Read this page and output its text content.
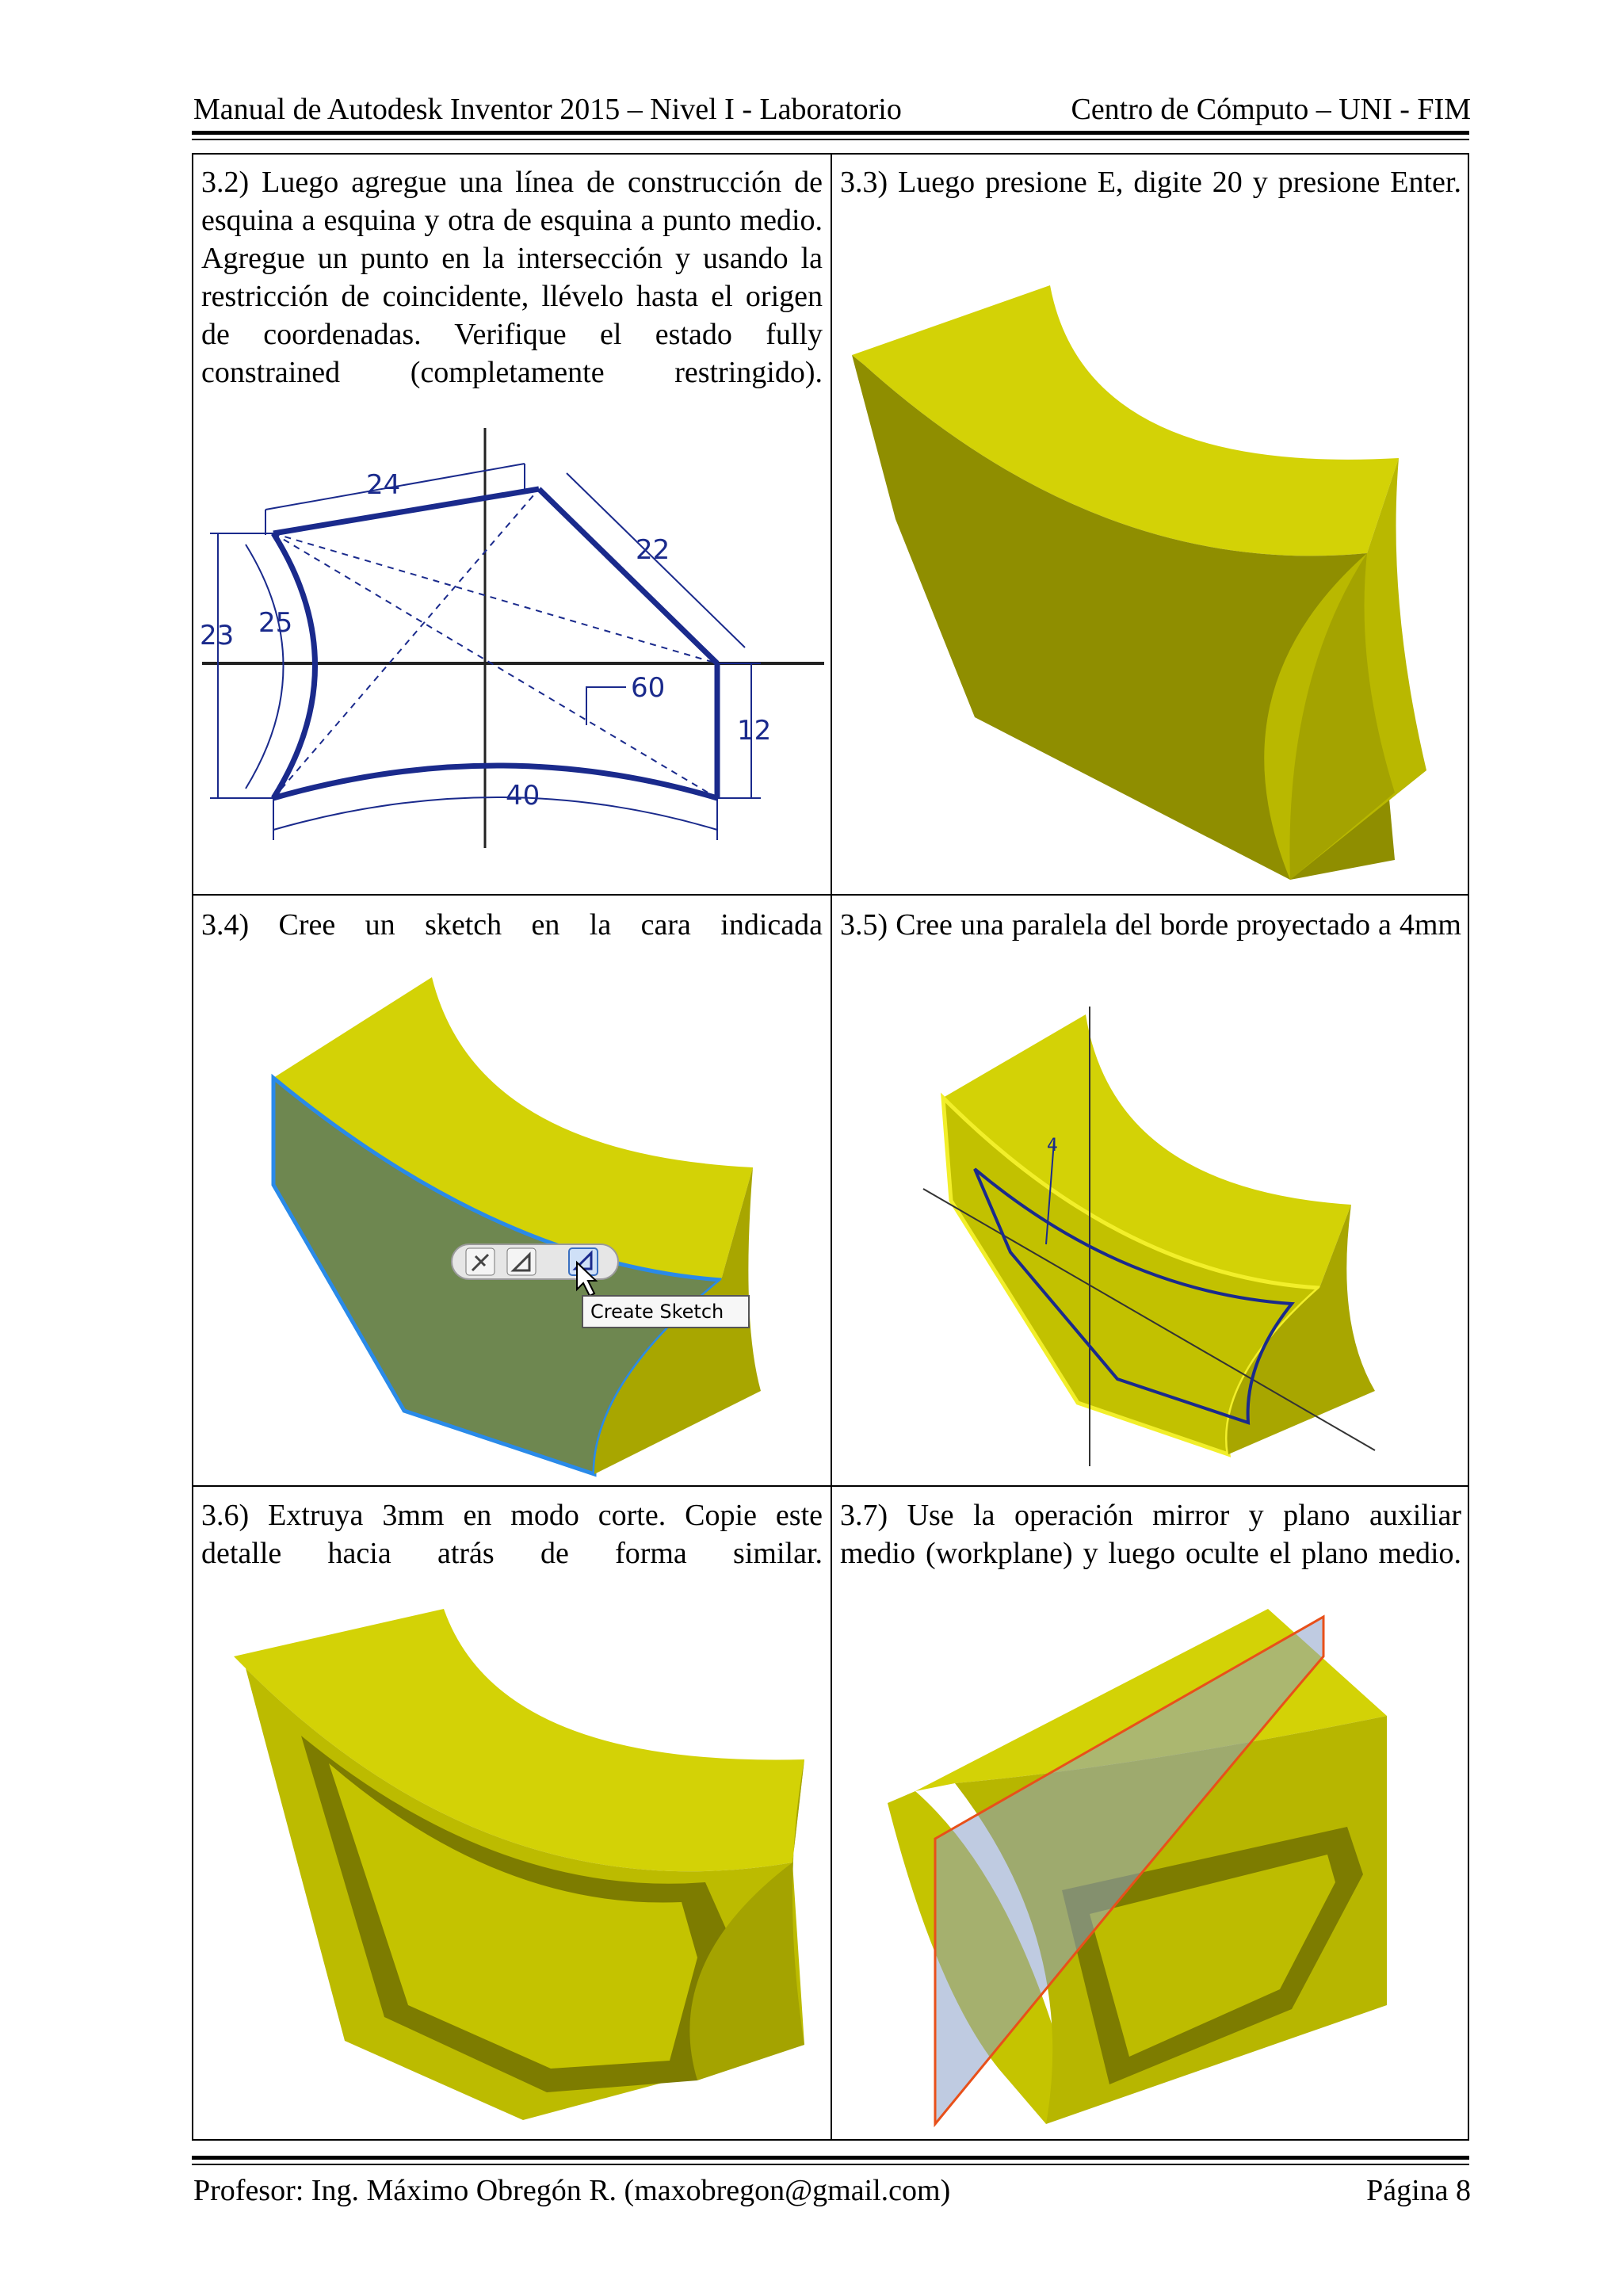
Manual de Autodesk Inventor 2015 – Nivel I - Laboratorio	Centro de Cómputo – UNI - FIM
3.2) Luego agregue una línea de construcción de esquina a esquina y otra de esquina a punto medio. Agregue un punto en la intersección y usando la restricción de coincidente, llévelo hasta el origen de coordenadas. Verifique el estado fully constrained (completamente restringido).
24
22
23 25
60
12
40
3.3) Luego presione E, digite 20 y presione Enter.
3.4) Cree un sketch en la cara indicada
Create Sketch
3.5) Cree una paralela del borde proyectado a 4mm
4
3.6) Extruya 3mm en modo corte. Copie este detalle hacia atrás de forma similar.
3.7) Use la operación mirror y plano auxiliar medio (workplane) y luego oculte el plano medio.
Profesor: Ing. Máximo Obregón R. (maxobregon@gmail.com)	Página 8
